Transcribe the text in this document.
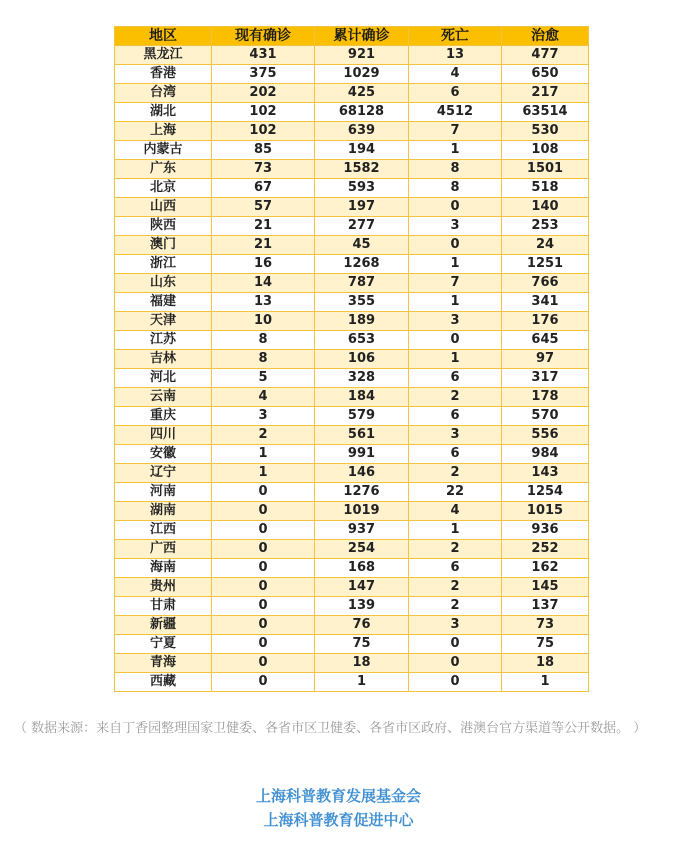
地区	现有确诊	累计确诊	死亡	治愈
黑龙江	431	921	13	477
香港	375	1029	4	650
台湾	202	425	6	217
湖北	102	68128	4512	63514
上海	102	639	7	530
内蒙古	85	194	1	108
广东	73	1582	8	1501
北京	67	593	8	518
山西	57	197	0	140
陕西	21	277	3	253
澳门	21	45	0	24
浙江	16	1268	1	1251
山东	14	787	7	766
福建	13	355	1	341
天津	10	189	3	176
江苏	8	653	0	645
吉林	8	106	1	97
河北	5	328	6	317
云南	4	184	2	178
重庆	3	579	6	570
四川	2	561	3	556
安徽	1	991	6	984
辽宁	1	146	2	143
河南	0	1276	22	1254
湖南	0	1019	4	1015
江西	0	937	1	936
广西	0	254	2	252
海南	0	168	6	162
贵州	0	147	2	145
甘肃	0	139	2	137
新疆	0	76	3	73
宁夏	0	75	0	75
青海	0	18	0	18
西藏	0	1	0	1

（ 数据来源：来自丁香园整理国家卫健委、各省市区卫健委、各省市区政府、港澳台官方渠道等公开数据。 ）

上海科普教育发展基金会

上海科普教育促进中心
